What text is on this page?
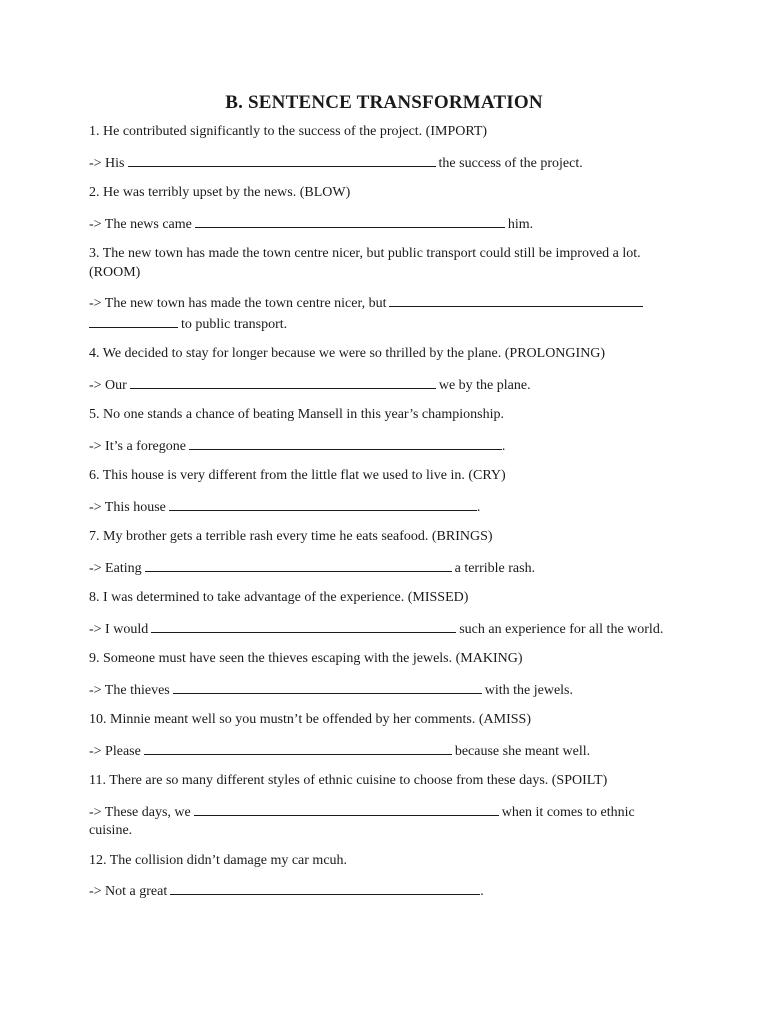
B. SENTENCE TRANSFORMATION
1. He contributed significantly to the success of the project. (IMPORT)
-> His	the success of the project.
2. He was terribly upset by the news. (BLOW)
-> The news came	him.
3. The new town has made the town centre nicer, but public transport could still be improved a lot. (ROOM)
-> The new town has made the town centre nicer, but
to public transport.
4. We decided to stay for longer because we were so thrilled by the plane. (PROLONGING)
-> Our	we by the plane.
5. No one stands a chance of beating Mansell in this year’s championship.
-> It’s a foregone	.
6. This house is very different from the little flat we used to live in. (CRY)
-> This house	.
7. My brother gets a terrible rash every time he eats seafood. (BRINGS)
-> Eating	a terrible rash.
8. I was determined to take advantage of the experience. (MISSED)
-> I would	such an experience for all the world.
9. Someone must have seen the thieves escaping with the jewels. (MAKING)
-> The thieves	with the jewels.
10. Minnie meant well so you mustn’t be offended by her comments. (AMISS)
-> Please	because she meant well.
11. There are so many different styles of ethnic cuisine to choose from these days. (SPOILT)
-> These days, we	when it comes to ethnic cuisine.
12. The collision didn’t damage my car mcuh.
-> Not a great	.
